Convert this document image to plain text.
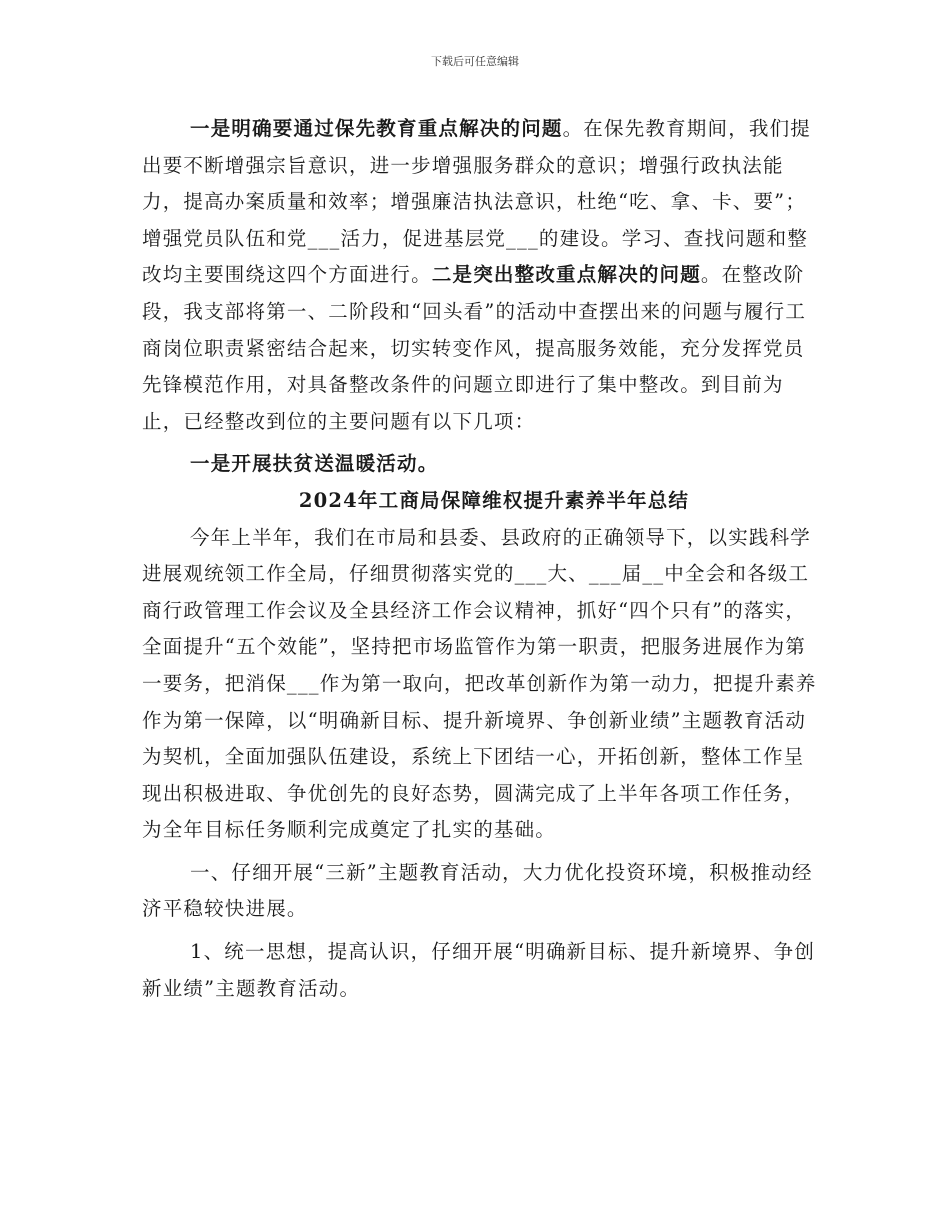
下载后可任意编辑

一是明确要通过保先教育重点解决的问题。在保先教育期间，我们提出要不断增强宗旨意识，进一步增强服务群众的意识；增强行政执法能力，提高办案质量和效率；增强廉洁执法意识，杜绝“吃、拿、卡、要”；增强党员队伍和党___活力，促进基层党___的建设。学习、查找问题和整改均主要围绕这四个方面进行。二是突出整改重点解决的问题。在整改阶段，我支部将第一、二阶段和“回头看”的活动中查摆出来的问题与履行工商岗位职责紧密结合起来，切实转变作风，提高服务效能，充分发挥党员先锋模范作用，对具备整改条件的问题立即进行了集中整改。到目前为止，已经整改到位的主要问题有以下几项：

一是开展扶贫送温暖活动。

2024年工商局保障维权提升素养半年总结

今年上半年，我们在市局和县委、县政府的正确领导下，以实践科学进展观统领工作全局，仔细贯彻落实党的___大、___届__中全会和各级工商行政管理工作会议及全县经济工作会议精神，抓好“四个只有”的落实，全面提升“五个效能”，坚持把市场监管作为第一职责，把服务进展作为第一要务，把消保___作为第一取向，把改革创新作为第一动力，把提升素养作为第一保障，以“明确新目标、提升新境界、争创新业绩”主题教育活动为契机，全面加强队伍建设，系统上下团结一心，开拓创新，整体工作呈现出积极进取、争优创先的良好态势，圆满完成了上半年各项工作任务，为全年目标任务顺利完成奠定了扎实的基础。

一、仔细开展“三新”主题教育活动，大力优化投资环境，积极推动经济平稳较快进展。

1、统一思想，提高认识，仔细开展“明确新目标、提升新境界、争创新业绩”主题教育活动。
